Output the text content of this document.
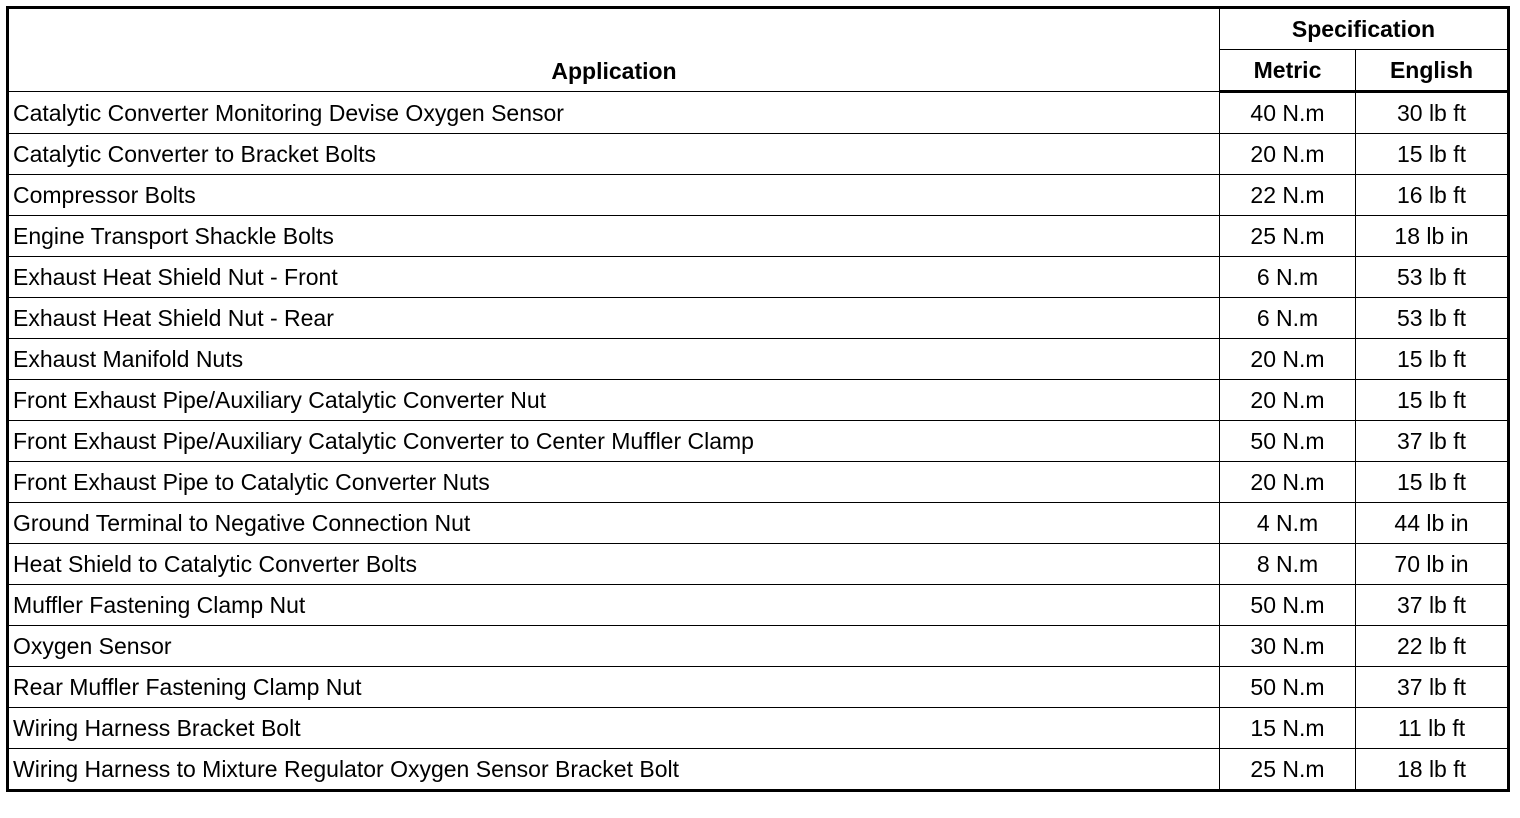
Application	Specification	
	Metric	English
Catalytic Converter Monitoring Devise Oxygen Sensor	40 N.m	30 lb ft
Catalytic Converter to Bracket Bolts	20 N.m	15 lb ft
Compressor Bolts	22 N.m	16 lb ft
Engine Transport Shackle Bolts	25 N.m	18 lb in
Exhaust Heat Shield Nut - Front	6 N.m	53 lb ft
Exhaust Heat Shield Nut - Rear	6 N.m	53 lb ft
Exhaust Manifold Nuts	20 N.m	15 lb ft
Front Exhaust Pipe/Auxiliary Catalytic Converter Nut	20 N.m	15 lb ft
Front Exhaust Pipe/Auxiliary Catalytic Converter to Center Muffler Clamp	50 N.m	37 lb ft
Front Exhaust Pipe to Catalytic Converter Nuts	20 N.m	15 lb ft
Ground Terminal to Negative Connection Nut	4 N.m	44 lb in
Heat Shield to Catalytic Converter Bolts	8 N.m	70 lb in
Muffler Fastening Clamp Nut	50 N.m	37 lb ft
Oxygen Sensor	30 N.m	22 lb ft
Rear Muffler Fastening Clamp Nut	50 N.m	37 lb ft
Wiring Harness Bracket Bolt	15 N.m	11 lb ft
Wiring Harness to Mixture Regulator Oxygen Sensor Bracket Bolt	25 N.m	18 lb ft
